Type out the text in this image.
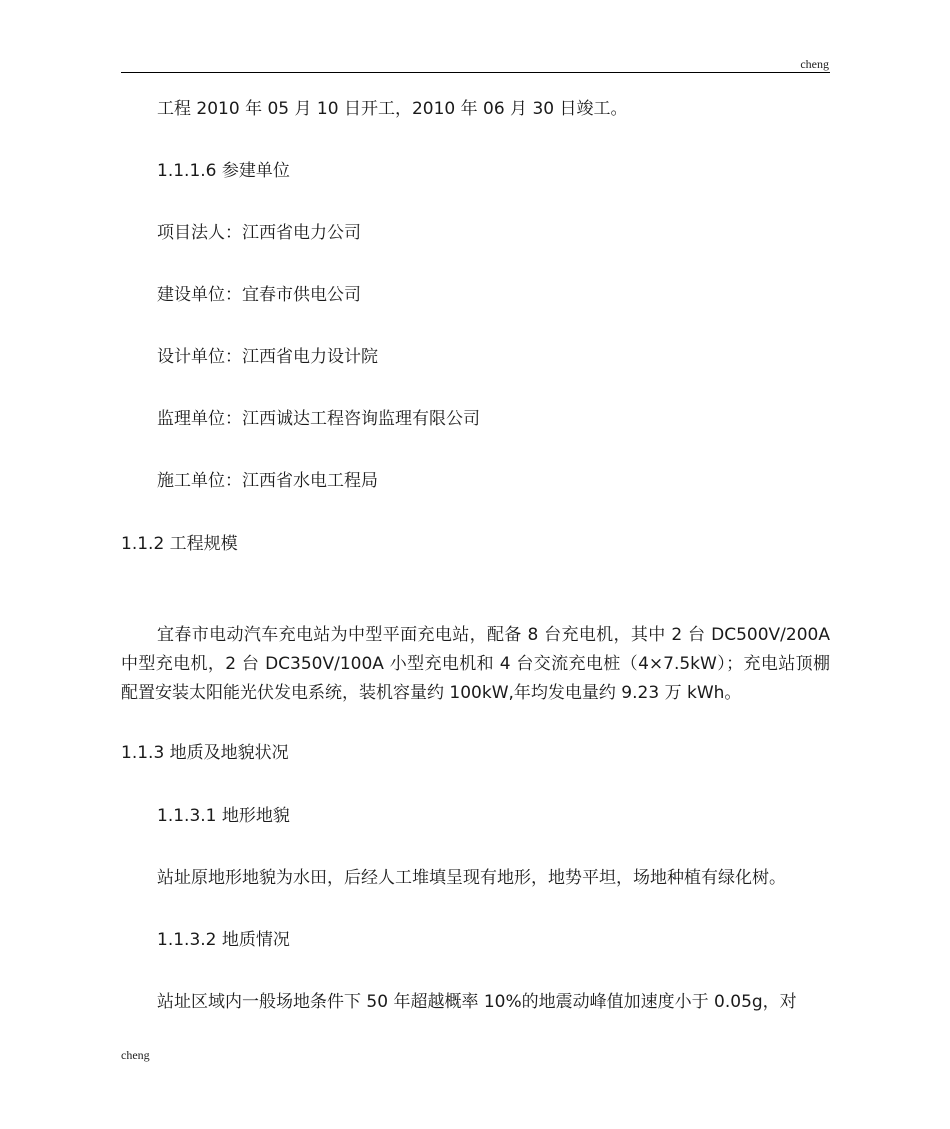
cheng
工程 2010 年 05 月 10 日开工，2010 年 06 月 30 日竣工。
1.1.1.6 参建单位
项目法人：江西省电力公司
建设单位：宜春市供电公司
设计单位：江西省电力设计院
监理单位：江西诚达工程咨询监理有限公司
施工单位：江西省水电工程局
1.1.2 工程规模
宜春市电动汽车充电站为中型平面充电站，配备 8 台充电机，其中 2 台 DC500V/200A 中型充电机，2 台 DC350V/100A 小型充电机和 4 台交流充电桩（4×7.5kW）；充电站顶棚配置安装太阳能光伏发电系统，装机容量约 100kW,年均发电量约 9.23 万 kWh。
1.1.3 地质及地貌状况
1.1.3.1 地形地貌
站址原地形地貌为水田，后经人工堆填呈现有地形，地势平坦，场地种植有绿化树。
1.1.3.2 地质情况
站址区域内一般场地条件下 50 年超越概率 10%的地震动峰值加速度小于 0.05g，对
cheng
